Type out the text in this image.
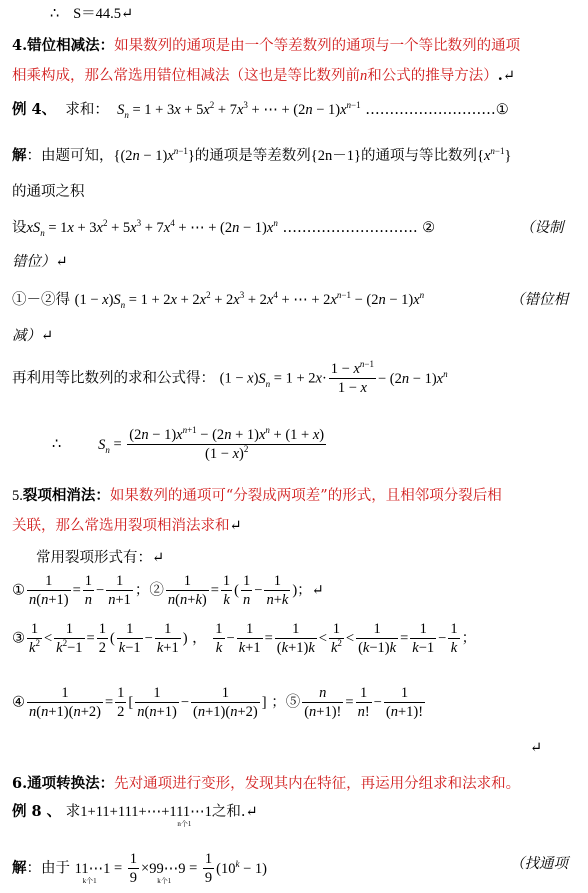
∴ S＝44.5↵
4.错位相减法：如果数列的通项是由一个等差数列的通项与一个等比数列的通项
相乘构成，那么常选用错位相减法（这也是等比数列前n和公式的推导方法）.↵
例 4、 求和：  $S_n = 1 + 3x + 5x^2 + 7x^3$ + ⋯ + $(2n - 1)x^{n-1}$ ………………………①
解：由题可知，$\{(2n - 1)x^{n-1}\}$的通项是等差数列{2n－1}的通项与等比数列$\{x^{n-1}\}$
的通项之积
设$xS_n = 1x + 3x^2 + 5x^3 + 7x^4$ + ⋯ + $(2n - 1)x^n$ ………………………. ②	（设制
错位）↵
①－②得 $(1 - x)S_n = 1 + 2x + 2x^2 + 2x^3 + 2x^4$ + ⋯ + $2x^{n-1} - (2n - 1)x^n$	（错位相
减）↵
再利用等比数列的求和公式得： $(1 - x)S_n = 1 + 2x\cdot \frac{1 - x^{n-1}}{1 - x} - (2n - 1)x^n$
∴	$S_n = \frac{(2n - 1)x^{n+1} - (2n + 1)x^n + (1 + x)}{(1 - x)^2}$
5.裂项相消法：如果数列的通项可“分裂成两项差”的形式，且相邻项分裂后相
关联，那么常选用裂项相消法求和↵
常用裂项形式有：↵
① $\frac{1}{n(n+1)} = \frac{1}{n} - \frac{1}{n+1}$ ；② $\frac{1}{n(n+k)} = \frac{1}{k}$ ( $\frac{1}{n} - \frac{1}{n+k}$ )；↵
③ $\frac{1}{k^2} < \frac{1}{k^2-1} = \frac{1}{2}$ ( $\frac{1}{k-1} - \frac{1}{k+1}$ ) ， $\frac{1}{k} - \frac{1}{k+1} = \frac{1}{(k+1)k} < \frac{1}{k^2} < \frac{1}{(k-1)k} = \frac{1}{k-1} - \frac{1}{k}$ ；
④ $\frac{1}{n(n+1)(n+2)} = \frac{1}{2}$ [ $\frac{1}{n(n+1)} - \frac{1}{(n+1)(n+2)}$ ] ；⑤ $\frac{n}{(n+1)!} = \frac{1}{n!} - \frac{1}{(n+1)!}$
↵
6.通项转换法：先对通项进行变形，发现其内在特征，再运用分组求和法求和。
例 8 、 求1+11+111+⋯+111⋯1
n个1
之和.↵
解：由于 11⋯1
k个1
= $\frac{1}{9}$ ×99⋯9
k个1
= $\frac{1}{9} (10^k - 1)$	（找通项
